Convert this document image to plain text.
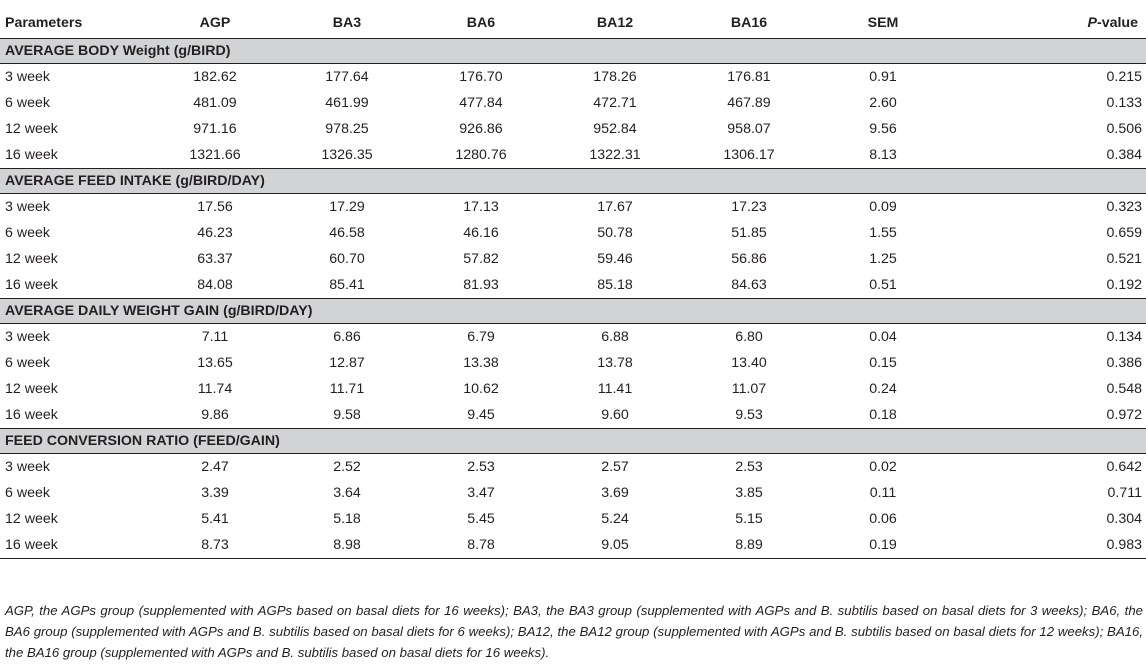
Parameters	AGP	BA3	BA6	BA12	BA16	SEM	P-value
AVERAGE BODY Weight (g/BIRD)							
3 week	182.62	177.64	176.70	178.26	176.81	0.91	0.215
6 week	481.09	461.99	477.84	472.71	467.89	2.60	0.133
12 week	971.16	978.25	926.86	952.84	958.07	9.56	0.506
16 week	1321.66	1326.35	1280.76	1322.31	1306.17	8.13	0.384
AVERAGE FEED INTAKE (g/BIRD/DAY)							
3 week	17.56	17.29	17.13	17.67	17.23	0.09	0.323
6 week	46.23	46.58	46.16	50.78	51.85	1.55	0.659
12 week	63.37	60.70	57.82	59.46	56.86	1.25	0.521
16 week	84.08	85.41	81.93	85.18	84.63	0.51	0.192
AVERAGE DAILY WEIGHT GAIN (g/BIRD/DAY)							
3 week	7.11	6.86	6.79	6.88	6.80	0.04	0.134
6 week	13.65	12.87	13.38	13.78	13.40	0.15	0.386
12 week	11.74	11.71	10.62	11.41	11.07	0.24	0.548
16 week	9.86	9.58	9.45	9.60	9.53	0.18	0.972
FEED CONVERSION RATIO (FEED/GAIN)							
3 week	2.47	2.52	2.53	2.57	2.53	0.02	0.642
6 week	3.39	3.64	3.47	3.69	3.85	0.11	0.711
12 week	5.41	5.18	5.45	5.24	5.15	0.06	0.304
16 week	8.73	8.98	8.78	9.05	8.89	0.19	0.983
AGP, the AGPs group (supplemented with AGPs based on basal diets for 16 weeks); BA3, the BA3 group (supplemented with AGPs and B. subtilis based on basal diets for 3 weeks); BA6, the BA6 group (supplemented with AGPs and B. subtilis based on basal diets for 6 weeks); BA12, the BA12 group (supplemented with AGPs and B. subtilis based on basal diets for 12 weeks); BA16, the BA16 group (supplemented with AGPs and B. subtilis based on basal diets for 16 weeks).
